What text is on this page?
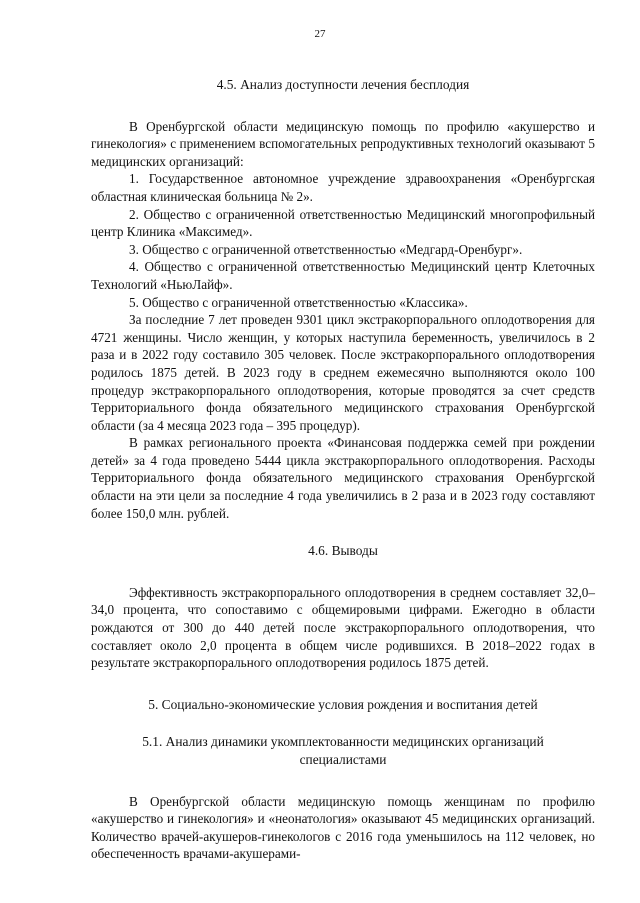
27
4.5. Анализ доступности лечения бесплодия

В Оренбургской области медицинскую помощь по профилю «акушерство и гинекология» с применением вспомогательных репродуктивных технологий оказывают 5 медицинских организаций:

1. Государственное автономное учреждение здравоохранения «Оренбургская областная клиническая больница № 2».

2. Общество с ограниченной ответственностью Медицинский многопрофильный центр Клиника «Максимед».

3. Общество с ограниченной ответственностью «Медгард-Оренбург».

4. Общество с ограниченной ответственностью Медицинский центр Клеточных Технологий «НьюЛайф».

5. Общество с ограниченной ответственностью «Классика».

За последние 7 лет проведен 9301 цикл экстракорпорального оплодотворения для 4721 женщины. Число женщин, у которых наступила беременность, увеличилось в 2 раза и в 2022 году составило 305 человек. После экстракорпорального оплодотворения родилось 1875 детей. В 2023 году в среднем ежемесячно выполняются около 100 процедур экстракорпорального оплодотворения, которые проводятся за счет средств Территориального фонда обязательного медицинского страхования Оренбургской области (за 4 месяца 2023 года – 395 процедур).

В рамках регионального проекта «Финансовая поддержка семей при рождении детей» за 4 года проведено 5444 цикла экстракорпорального оплодотворения. Расходы Территориального фонда обязательного медицинского страхования Оренбургской области на эти цели за последние 4 года увеличились в 2 раза и в 2023 году составляют более 150,0 млн. рублей.

4.6. Выводы

Эффективность экстракорпорального оплодотворения в среднем составляет 32,0–34,0 процента, что сопоставимо с общемировыми цифрами. Ежегодно в области рождаются от 300 до 440 детей после экстракорпорального оплодотворения, что составляет около 2,0 процента в общем числе родившихся. В 2018–2022 годах в результате экстракорпорального оплодотворения родилось 1875 детей.

5. Социально-экономические условия рождения и воспитания детей
5.1. Анализ динамики укомплектованности медицинских организаций
специалистами

В Оренбургской области медицинскую помощь женщинам по профилю «акушерство и гинекология» и «неонатология» оказывают 45 медицинских организаций. Количество врачей-акушеров-гинекологов с 2016 года уменьшилось на 112 человек, но обеспеченность врачами-акушерами-
